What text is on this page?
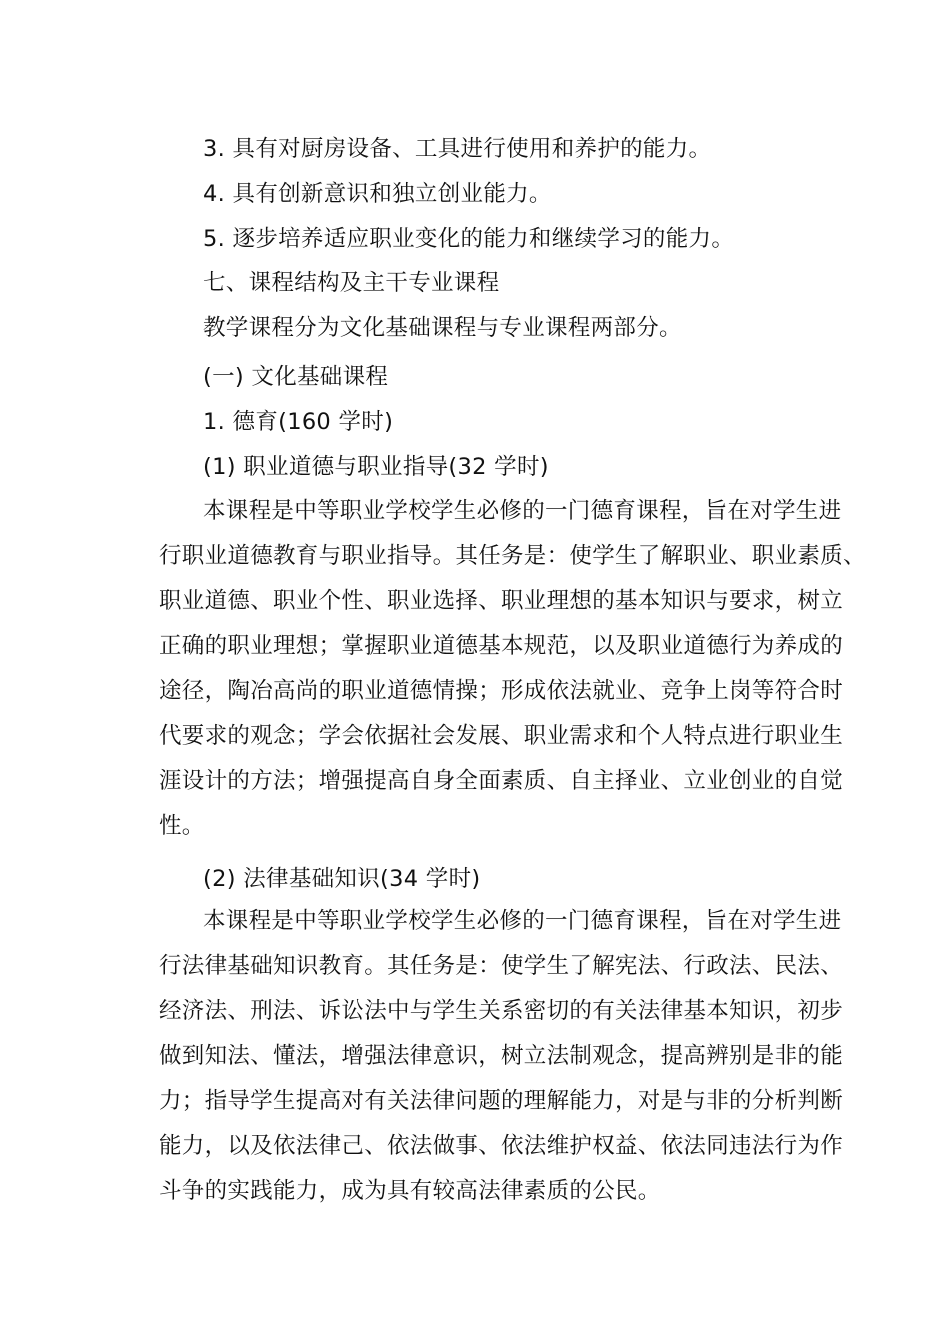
3. 具有对厨房设备、工具进行使用和养护的能力。
4. 具有创新意识和独立创业能力。
5. 逐步培养适应职业变化的能力和继续学习的能力。
七、课程结构及主干专业课程
教学课程分为文化基础课程与专业课程两部分。
(一) 文化基础课程
1. 德育(160 学时)
(1) 职业道德与职业指导(32 学时)
本课程是中等职业学校学生必修的一门德育课程，旨在对学生进
行职业道德教育与职业指导。其任务是：使学生了解职业、职业素质、
职业道德、职业个性、职业选择、职业理想的基本知识与要求，树立
正确的职业理想；掌握职业道德基本规范，以及职业道德行为养成的
途径，陶冶高尚的职业道德情操；形成依法就业、竞争上岗等符合时
代要求的观念；学会依据社会发展、职业需求和个人特点进行职业生
涯设计的方法；增强提高自身全面素质、自主择业、立业创业的自觉
性。
(2) 法律基础知识(34 学时)
本课程是中等职业学校学生必修的一门德育课程，旨在对学生进
行法律基础知识教育。其任务是：使学生了解宪法、行政法、民法、
经济法、刑法、诉讼法中与学生关系密切的有关法律基本知识，初步
做到知法、懂法，增强法律意识，树立法制观念，提高辨别是非的能
力；指导学生提高对有关法律问题的理解能力，对是与非的分析判断
能力，以及依法律己、依法做事、依法维护权益、依法同违法行为作
斗争的实践能力，成为具有较高法律素质的公民。
